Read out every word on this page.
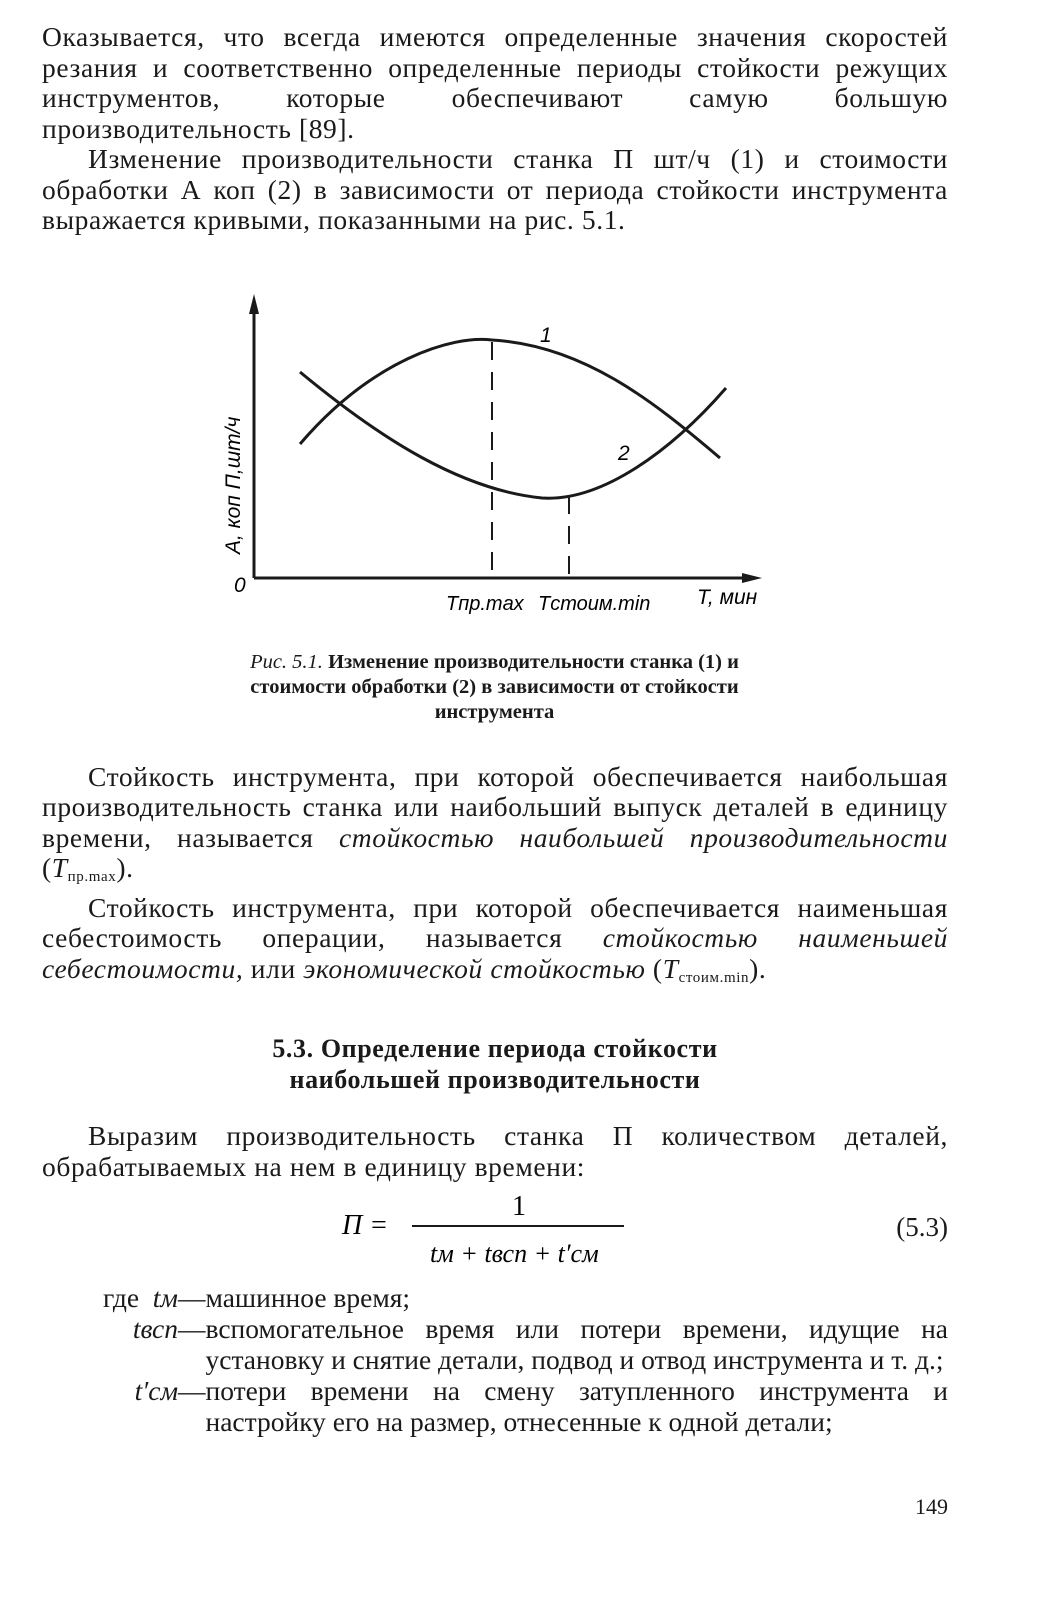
Оказывается, что всегда имеются определенные значения скоростей резания и соответственно определенные периоды стойкости режущих инструментов, которые обеспечивают самую большую производительность [89].

Изменение производительности станка П шт/ч (1) и стоимости обработки А коп (2) в зависимости от периода стойкости инструмента выражается кривыми, показанными на рис. 5.1.

А, коп П,шт/ч
0
1
2
Tпр.max Tстоим.min T, мин
Рис. 5.1. Изменение производительности станка (1) и стоимости обработки (2) в зависимости от стойкости инструмента

Стойкость инструмента, при которой обеспечивается наибольшая производительность станка или наибольший выпуск деталей в единицу времени, называется стойкостью наибольшей производительности $(T_{пр.max})$.

Стойкость инструмента, при которой обеспечивается наименьшая себестоимость операции, называется стойкостью наименьшей себестоимости, или экономической стойкостью $(T_{стоим.min})$.

5.3. Определение периода стойкости

наибольшей производительности

Выразим производительность станка П количеством деталей, обрабатываемых на нем в единицу времени:

П =
1
tм + tвсп + t′см
(5.3)
где tм — машинное время;
tвсп — вспомогательное время или потери времени, идущие на установку и снятие детали, подвод и отвод инструмента и т. д.;
t′см — потери времени на смену затупленного инструмента и настройку его на размер, отнесенные к одной детали;
149
